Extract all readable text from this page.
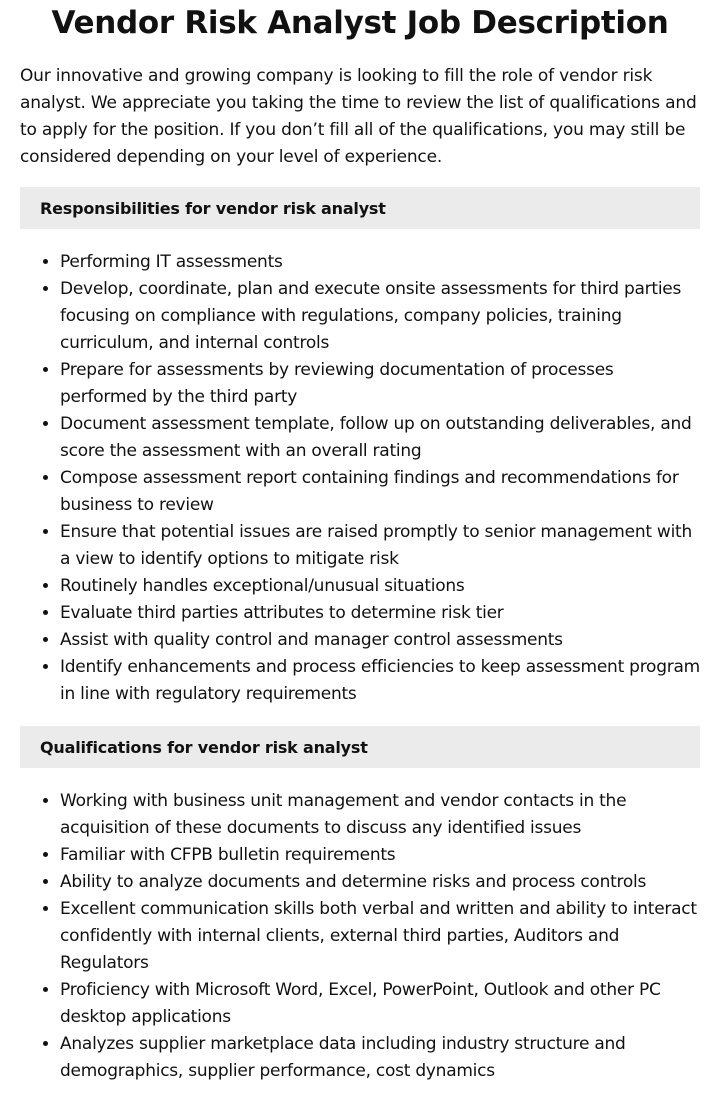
Vendor Risk Analyst Job Description

Our innovative and growing company is looking to fill the role of vendor risk analyst. We appreciate you taking the time to review the list of qualifications and to apply for the position. If you don’t fill all of the qualifications, you may still be considered depending on your level of experience.

Responsibilities for vendor risk analyst
• Performing IT assessments
• Develop, coordinate, plan and execute onsite assessments for third parties focusing on compliance with regulations, company policies, training curriculum, and internal controls
• Prepare for assessments by reviewing documentation of processes performed by the third party
• Document assessment template, follow up on outstanding deliverables, and score the assessment with an overall rating
• Compose assessment report containing findings and recommendations for business to review
• Ensure that potential issues are raised promptly to senior management with a view to identify options to mitigate risk
• Routinely handles exceptional/unusual situations
• Evaluate third parties attributes to determine risk tier
• Assist with quality control and manager control assessments
• Identify enhancements and process efficiencies to keep assessment program in line with regulatory requirements
Qualifications for vendor risk analyst
• Working with business unit management and vendor contacts in the acquisition of these documents to discuss any identified issues
• Familiar with CFPB bulletin requirements
• Ability to analyze documents and determine risks and process controls
• Excellent communication skills both verbal and written and ability to interact confidently with internal clients, external third parties, Auditors and Regulators
• Proficiency with Microsoft Word, Excel, PowerPoint, Outlook and other PC desktop applications
• Analyzes supplier marketplace data including industry structure and demographics, supplier performance, cost dynamics
